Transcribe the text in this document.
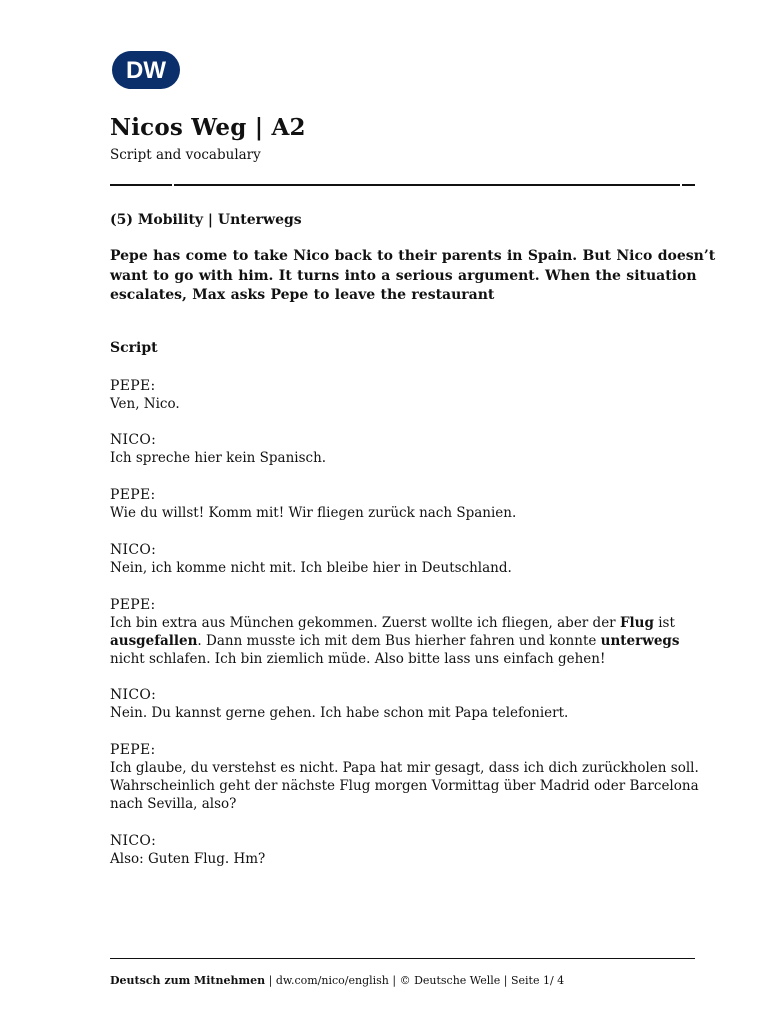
DW
Nicos Weg | A2
Script and vocabulary
(5) Mobility | Unterwegs
Pepe has come to take Nico back to their parents in Spain. But Nico doesn’t
want to go with him. It turns into a serious argument. When the situation
escalates, Max asks Pepe to leave the restaurant
Script
PEPE:
Ven, Nico.
NICO:
Ich spreche hier kein Spanisch.
PEPE:
Wie du willst! Komm mit! Wir fliegen zurück nach Spanien.
NICO:
Nein, ich komme nicht mit. Ich bleibe hier in Deutschland.
PEPE:
Ich bin extra aus München gekommen. Zuerst wollte ich fliegen, aber der Flug ist
ausgefallen. Dann musste ich mit dem Bus hierher fahren und konnte unterwegs
nicht schlafen. Ich bin ziemlich müde. Also bitte lass uns einfach gehen!
NICO:
Nein. Du kannst gerne gehen. Ich habe schon mit Papa telefoniert.
PEPE:
Ich glaube, du verstehst es nicht. Papa hat mir gesagt, dass ich dich zurückholen soll.
Wahrscheinlich geht der nächste Flug morgen Vormittag über Madrid oder Barcelona
nach Sevilla, also?
NICO:
Also: Guten Flug. Hm?
Deutsch zum Mitnehmen | dw.com/nico/english | © Deutsche Welle | Seite 1/ 4
